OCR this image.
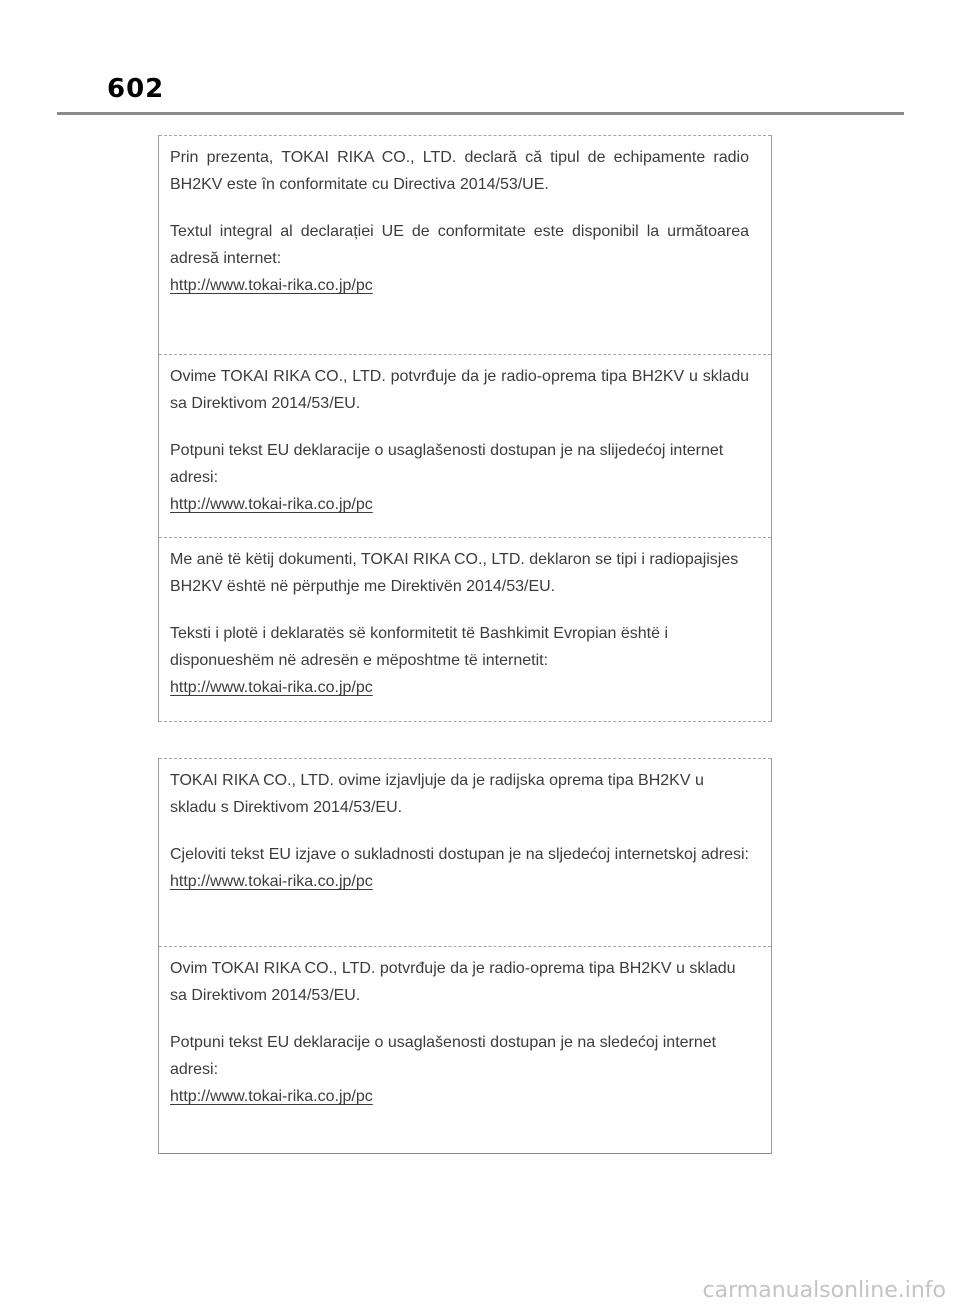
602

Prin prezenta, TOKAI RIKA CO., LTD. declară că tipul de echipamente radio BH2KV este în conformitate cu Directiva 2014/53/UE.

Textul integral al declarației UE de conformitate este disponibil la următoarea adresă internet:

http://www.tokai-rika.co.jp/pc

Ovime TOKAI RIKA CO., LTD. potvrđuje da je radio-oprema tipa BH2KV u skladu sa Direktivom 2014/53/EU.

Potpuni tekst EU deklaracije o usaglašenosti dostupan je na slijedećoj internet adresi:

http://www.tokai-rika.co.jp/pc

Me anë të këtij dokumenti, TOKAI RIKA CO., LTD. deklaron se tipi i radiopajisjes BH2KV është në përputhje me Direktivën 2014/53/EU.

Teksti i plotë i deklaratës së konformitetit të Bashkimit Evropian është i disponueshëm në adresën e mëposhtme të internetit:

http://www.tokai-rika.co.jp/pc

TOKAI RIKA CO., LTD. ovime izjavljuje da je radijska oprema tipa BH2KV u skladu s Direktivom 2014/53/EU.

Cjeloviti tekst EU izjave o sukladnosti dostupan je na sljedećoj internetskoj adresi:

http://www.tokai-rika.co.jp/pc

Ovim TOKAI RIKA CO., LTD. potvrđuje da je radio-oprema tipa BH2KV u skladu sa Direktivom 2014/53/EU.

Potpuni tekst EU deklaracije o usaglašenosti dostupan je na sledećoj internet adresi:

http://www.tokai-rika.co.jp/pc
carmanualsonline.info
